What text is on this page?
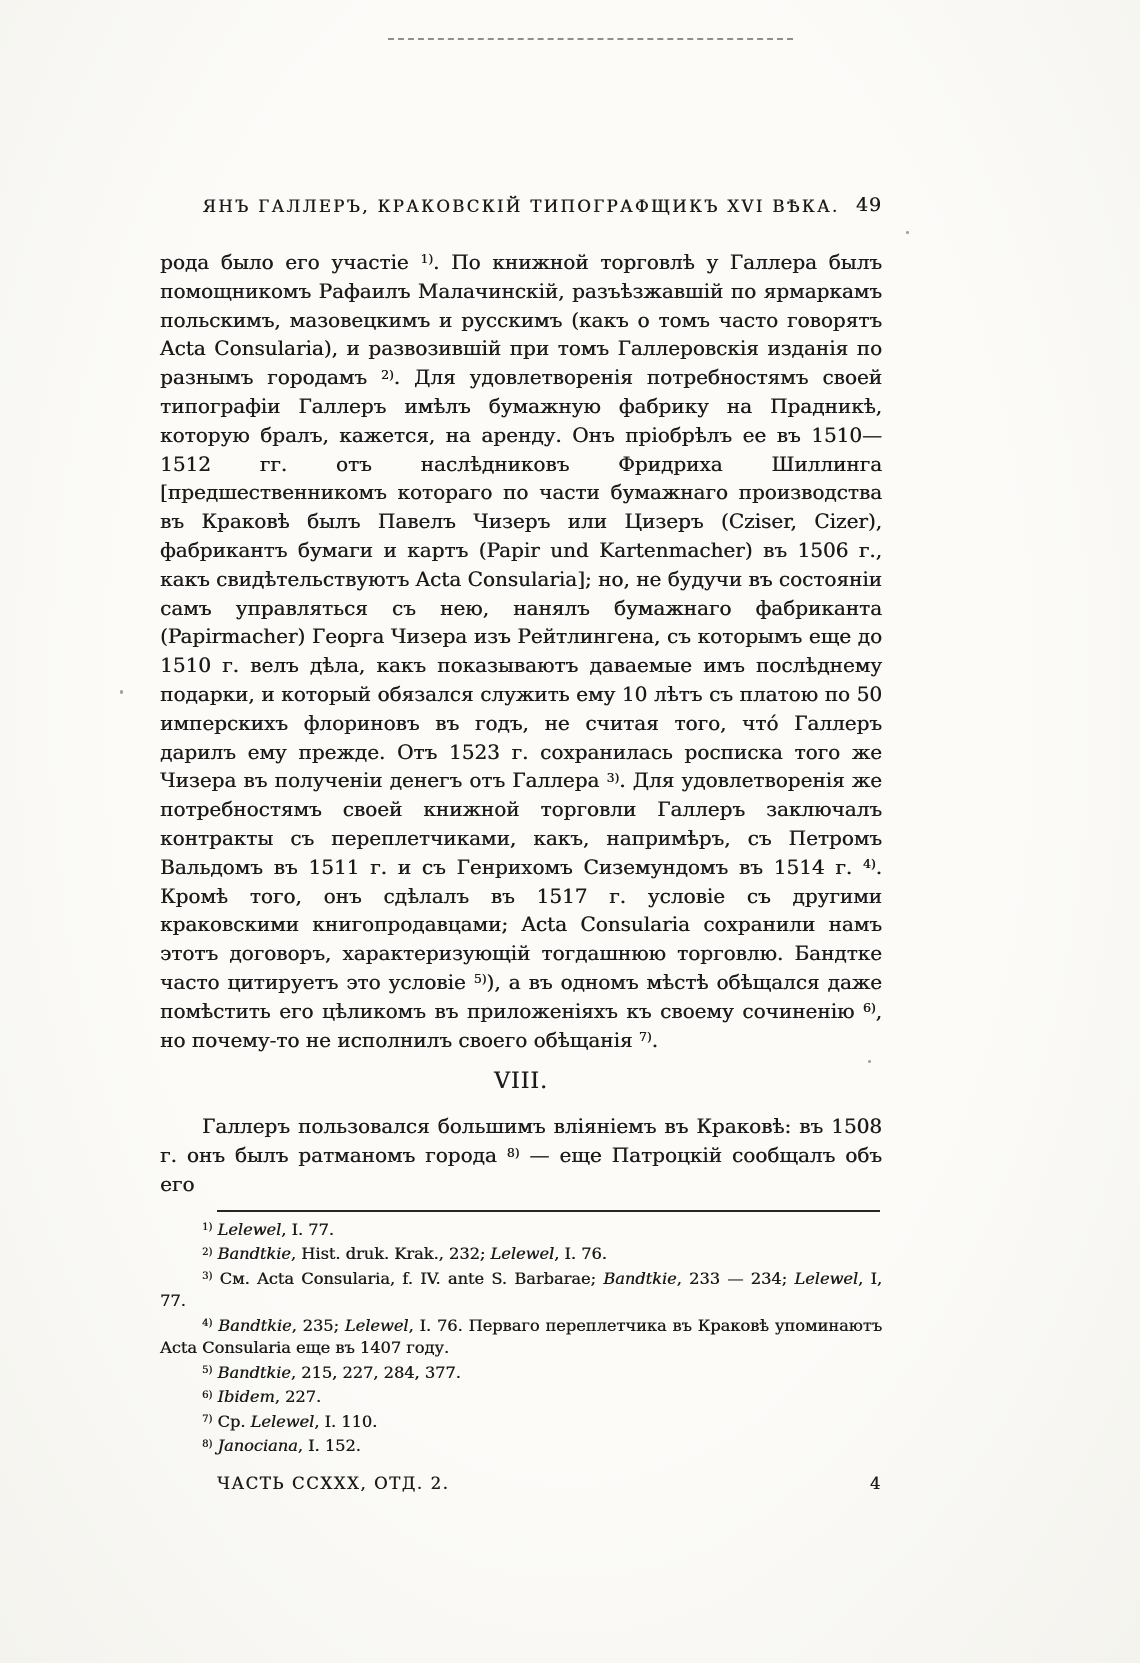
ЯНЪ ГАЛЛЕРЪ, КРАКОВСКІЙ ТИПОГРАФЩИКЪ XVI ВѢКА. 49

рода было его участіе $^{1)}$. По книжной торговлѣ у Галлера былъ помощникомъ Рафаилъ Малачинскій, разъѣзжавшій по ярмаркамъ польскимъ, мазовецкимъ и русскимъ (какъ о томъ часто говорятъ Acta Consularia), и развозившій при томъ Галлеровскія изданія по разнымъ городамъ $^{2)}$. Для удовлетворенія потребностямъ своей типографіи Галлеръ имѣлъ бумажную фабрику на Прадникѣ, которую бралъ, кажется, на аренду. Онъ пріобрѣлъ ее въ 1510—1512 гг. отъ наслѣдниковъ Фридриха Шиллинга [предшественникомъ котораго по части бумажнаго производства въ Краковѣ былъ Павелъ Чизеръ или Цизеръ (Cziser, Cizer), фабрикантъ бумаги и картъ (Papir und Kartenmacher) въ 1506 г., какъ свидѣтельствуютъ Acta Consularia]; но, не будучи въ состояніи самъ управляться съ нею, нанялъ бумажнаго фабриканта (Papirmacher) Георга Чизера изъ Рейтлингена, съ которымъ еще до 1510 г. велъ дѣла, какъ показываютъ даваемые имъ послѣднему подарки, и который обязался служить ему 10 лѣтъ съ платою по 50 имперскихъ флориновъ въ годъ, не считая того, что́ Галлеръ дарилъ ему прежде. Отъ 1523 г. сохранилась росписка того же Чизера въ полученіи денегъ отъ Галлера $^{3)}$. Для удовлетворенія же потребностямъ своей книжной торговли Галлеръ заключалъ контракты съ переплетчиками, какъ, напримѣръ, съ Петромъ Вальдомъ въ 1511 г. и съ Генрихомъ Сиземундомъ въ 1514 г. $^{4)}$. Кромѣ того, онъ сдѣлалъ въ 1517 г. условіе съ другими краковскими книгопродавцами; Acta Consularia сохранили намъ этотъ договоръ, характеризующій тогдашнюю торговлю. Бандтке часто цитируетъ это условіе $^{5)}$), а въ одномъ мѣстѣ обѣщался даже помѣстить его цѣликомъ въ приложеніяхъ къ своему сочиненію $^{6)}$, но почему-то не исполнилъ своего обѣщанія $^{7)}$.

VIII.

Галлеръ пользовался большимъ вліяніемъ въ Краковѣ: въ 1508 г. онъ былъ ратманомъ города $^{8)}$ — еще Патроцкій сообщалъ объ его

$^{1)}$ Lelewel, I. 77.

$^{2)}$ Bandtkie, Hist. druk. Krak., 232; Lelewel, I. 76.

$^{3)}$ См. Acta Consularia, f. IV. ante S. Barbarae; Bandtkie, 233 — 234; Lelewel, I, 77.

$^{4)}$ Bandtkie, 235; Lelewel, I. 76. Перваго переплетчика въ Краковѣ упоминаютъ Acta Consularia еще въ 1407 году.

$^{5)}$ Bandtkie, 215, 227, 284, 377.

$^{6)}$ Ibidem, 227.

$^{7)}$ Ср. Lelewel, I. 110.

$^{8)}$ Janociana, I. 152.

ЧАСТЬ CCXXX, ОТД. 2.	4
